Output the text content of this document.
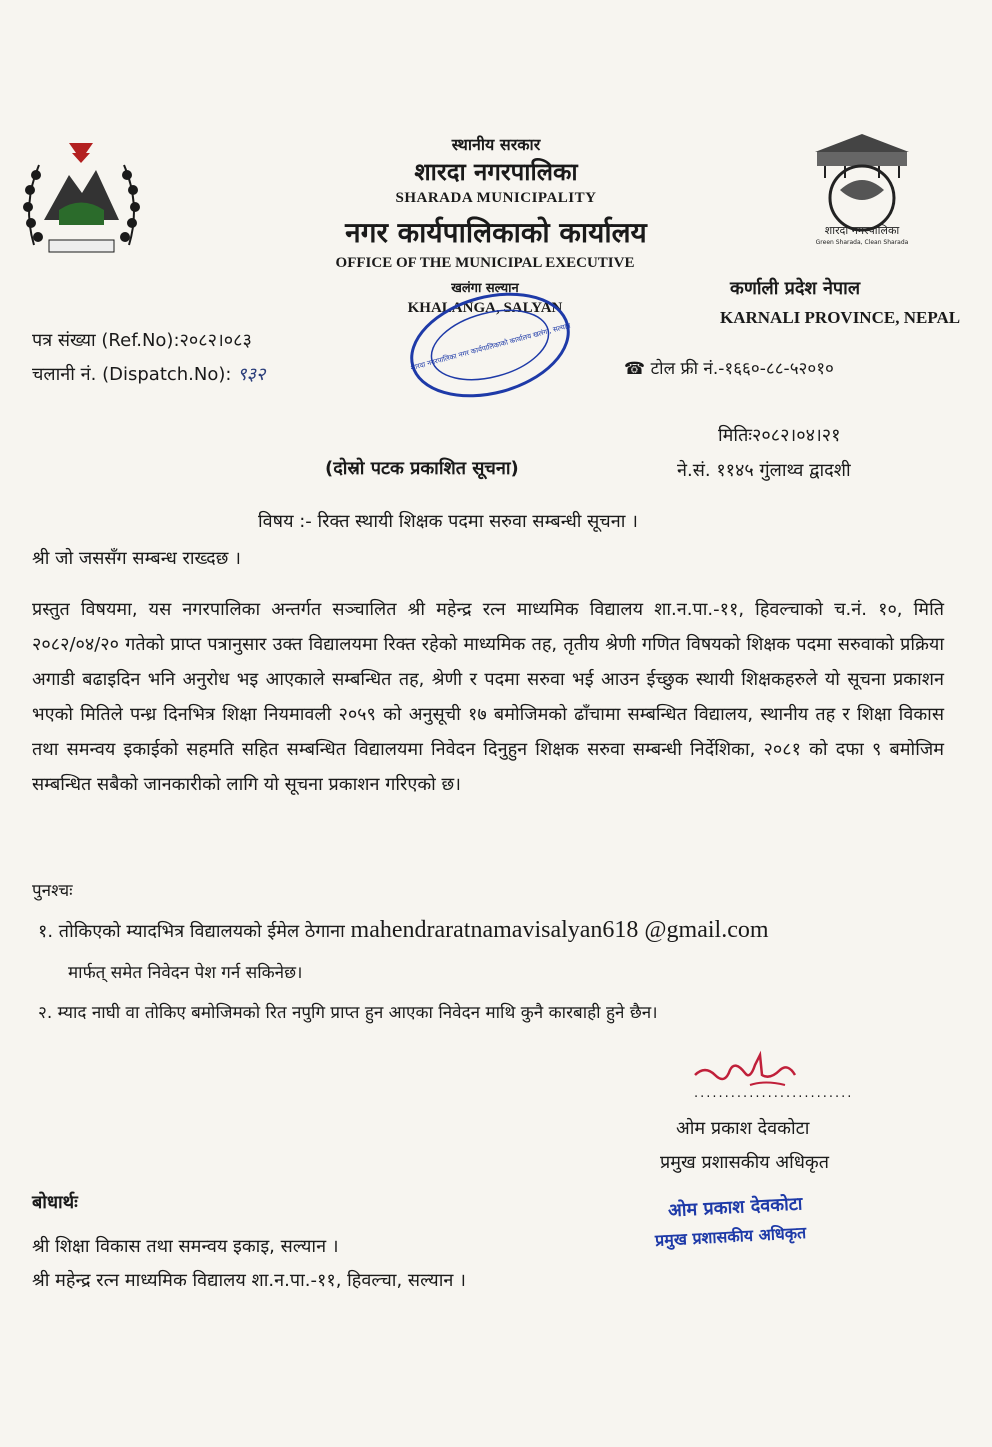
शारदा नगरपालिका
Green Sharada, Clean Sharada
स्थानीय सरकार
शारदा नगरपालिका
SHARADA MUNICIPALITY
नगर कार्यपालिकाको कार्यालय
OFFICE OF THE MUNICIPAL EXECUTIVE
खलंगा सल्यान
KHALANGA, SALYAN
कर्णाली प्रदेश नेपाल
KARNALI PROVINCE, NEPAL
☎ टोल फ्री नं.-१६६०-८८-५२०१०
शारदा नगरपालिका नगर कार्यपालिकाको कार्यालय खलंगा, सल्यान
पत्र संख्या (Ref.No):२०८२।०८३
चलानी नं. (Dispatch.No): ९३२
मितिः२०८२।०४।२१
ने.सं. ११४५ गुंलाथ्व द्वादशी
(दोस्रो पटक प्रकाशित सूचना)
विषय :- रिक्त स्थायी शिक्षक पदमा सरुवा सम्बन्धी सूचना ।
श्री जो जससँग सम्बन्ध राख्दछ ।
प्रस्तुत विषयमा, यस नगरपालिका अन्तर्गत सञ्चालित श्री महेन्द्र रत्न माध्यमिक विद्यालय शा.न.पा.-११, हिवल्चाको च.नं. १०, मिति २०८२/०४/२० गतेको प्राप्त पत्रानुसार उक्त विद्यालयमा रिक्त रहेको माध्यमिक तह, तृतीय श्रेणी गणित विषयको शिक्षक पदमा सरुवाको प्रक्रिया अगाडी बढाइदिन भनि अनुरोध भइ आएकाले सम्बन्धित तह, श्रेणी र पदमा सरुवा भई आउन ईच्छुक स्थायी शिक्षकहरुले यो सूचना प्रकाशन भएको मितिले पन्ध्र दिनभित्र शिक्षा नियमावली २०५९ को अनुसूची १७ बमोजिमको ढाँचामा सम्बन्धित विद्यालय, स्थानीय तह र शिक्षा विकास तथा समन्वय इकाईको सहमति सहित सम्बन्धित विद्यालयमा निवेदन दिनुहुन शिक्षक सरुवा सम्बन्धी निर्देशिका, २०८१ को दफा ९ बमोजिम सम्बन्धित सबैको जानकारीको लागि यो सूचना प्रकाशन गरिएको छ।
पुनश्चः
१. तोकिएको म्यादभित्र विद्यालयको ईमेल ठेगाना mahendraratnamavisalyan618 @gmail.com
मार्फत् समेत निवेदन पेश गर्न सकिनेछ।
२. म्याद नाघी वा तोकिए बमोजिमको रित नपुगि प्राप्त हुन आएका निवेदन माथि कुनै कारबाही हुने छैन।
..........................
ओम प्रकाश देवकोटा
प्रमुख प्रशासकीय अधिकृत
ओम प्रकाश देवकोटा
प्रमुख प्रशासकीय अधिकृत
बोधार्थः
श्री शिक्षा विकास तथा समन्वय इकाइ, सल्यान ।
श्री महेन्द्र रत्न माध्यमिक विद्यालय शा.न.पा.-११, हिवल्चा, सल्यान ।
